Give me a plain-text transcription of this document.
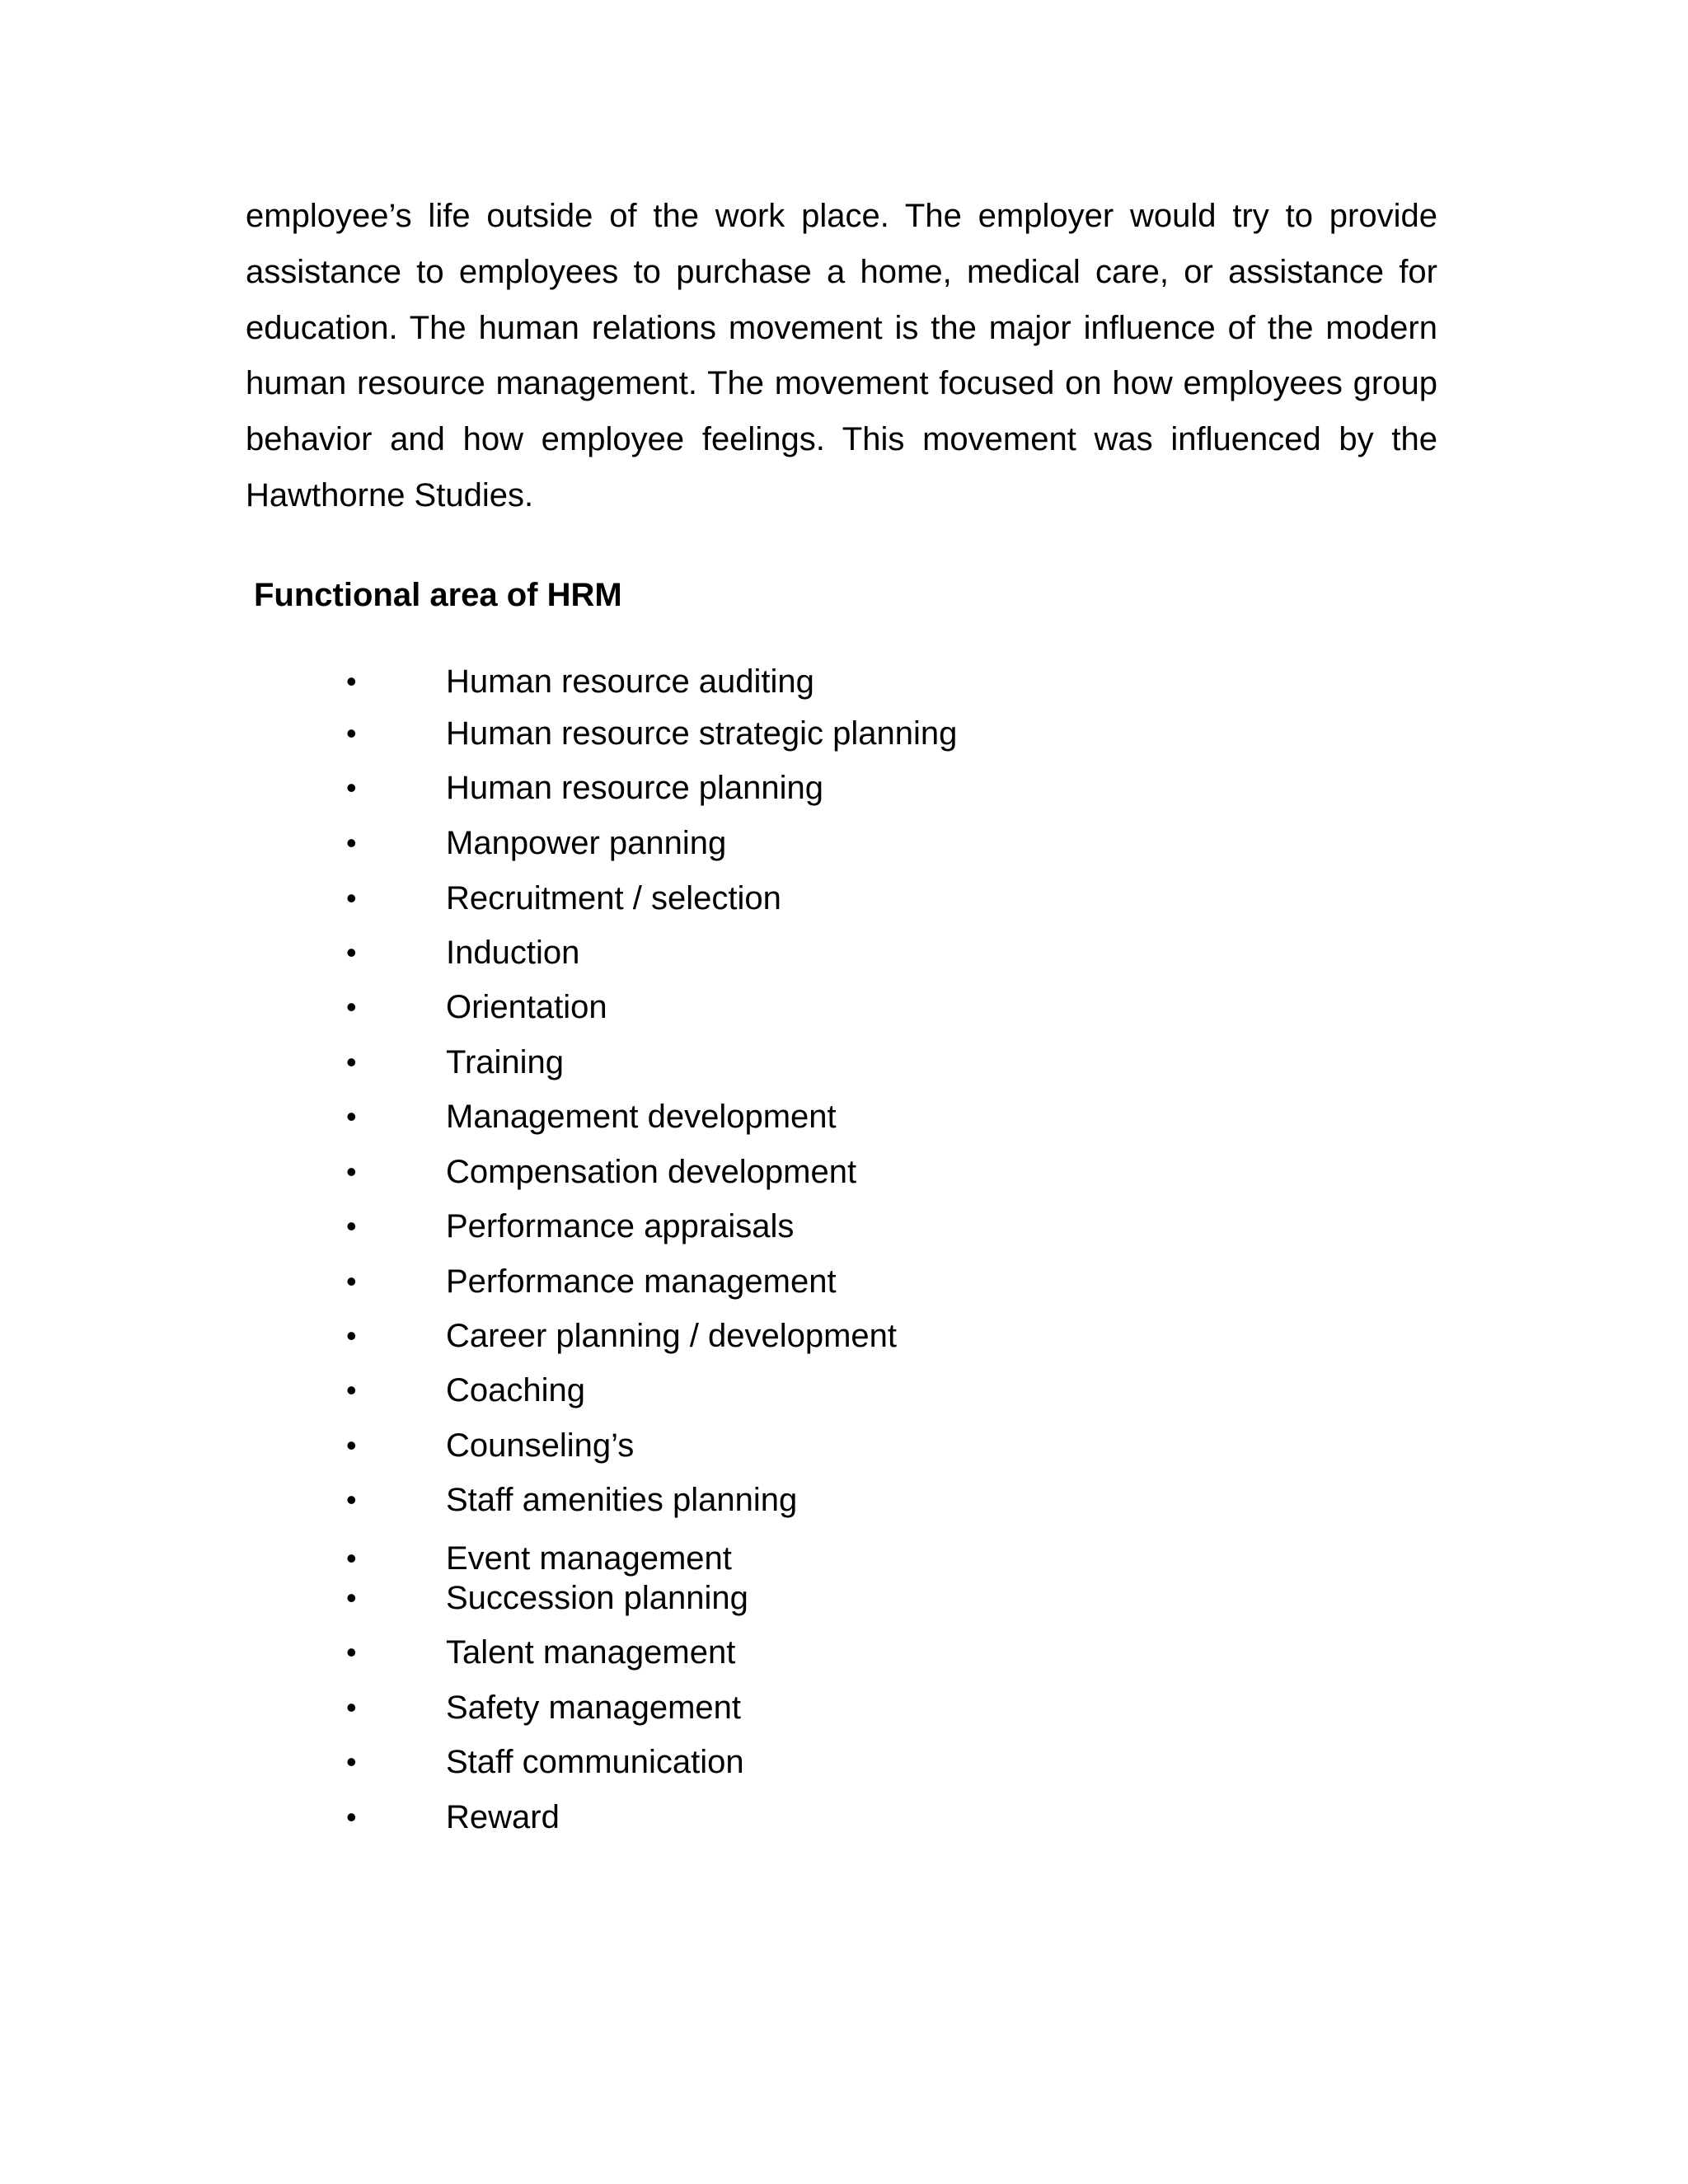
employee’s life outside of the work place. The employer would try to provide
assistance to employees to purchase a home, medical care, or assistance for
education. The human relations movement is the major influence of the modern
human resource management. The movement focused on how employees group
behavior and how employee feelings. This movement was influenced by the
Hawthorne Studies.
Functional area of HRM
•	Human resource auditing
•	Human resource strategic planning
•	Human resource planning
•	Manpower panning
•	Recruitment / selection
•	Induction
•	Orientation
•	Training
•	Management development
•	Compensation development
•	Performance appraisals
•	Performance management
•	Career planning / development
•	Coaching
•	Counseling’s
•	Staff amenities planning
•	Event management
•	Succession planning
•	Talent management
•	Safety management
•	Staff communication
•	Reward
